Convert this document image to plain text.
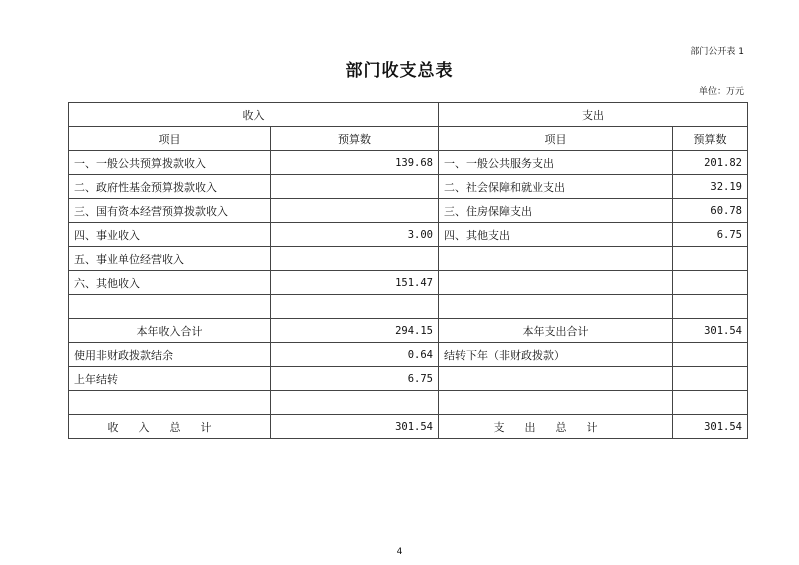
部门公开表 1
部门收支总表
单位：万元
收入		支出	
项目	预算数	项目	预算数
一、一般公共预算拨款收入	139.68	一、一般公共服务支出	201.82
二、政府性基金预算拨款收入		二、社会保障和就业支出	32.19
三、国有资本经营预算拨款收入		三、住房保障支出	60.78
四、事业收入	3.00	四、其他支出	6.75
五、事业单位经营收入			
六、其他收入	151.47		

本年收入合计	294.15	本年支出合计	301.54
使用非财政拨款结余	0.64	结转下年（非财政拨款）	
上年结转	6.75		

收入总计	301.54	支出总计	301.54
4
